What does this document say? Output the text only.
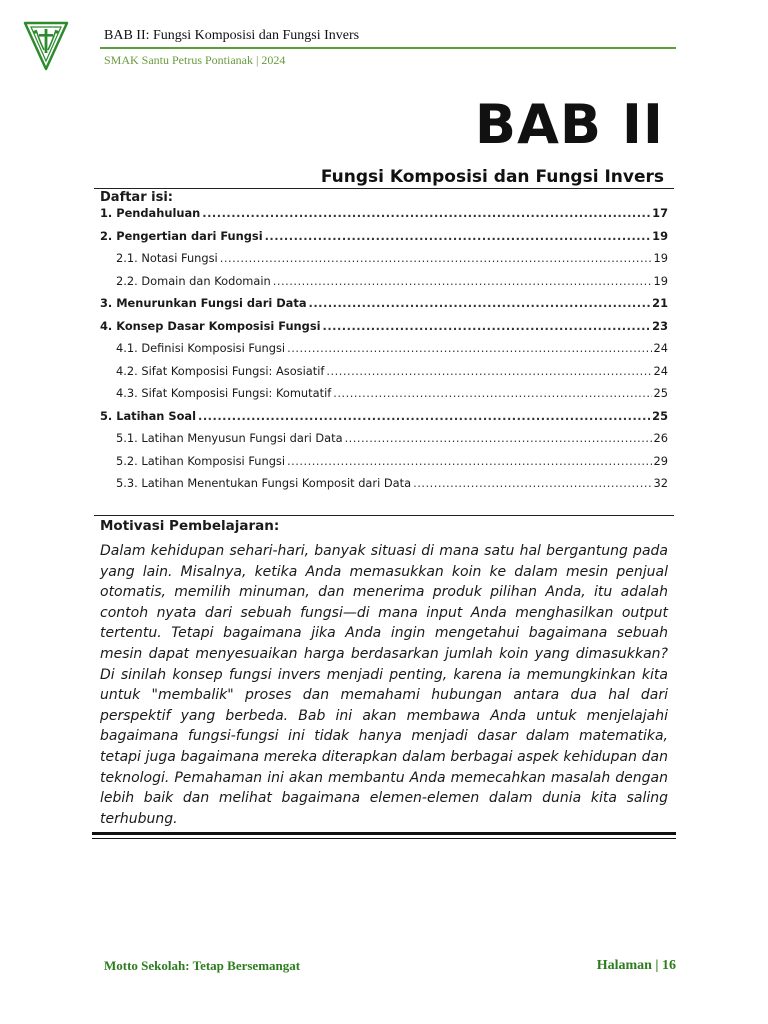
BAB II: Fungsi Komposisi dan Fungsi Invers
SMAK Santu Petrus Pontianak | 2024
BAB II
Fungsi Komposisi dan Fungsi Invers
Daftar isi:
1. Pendahuluan .....	17
2. Pengertian dari Fungsi .....	19
2.1. Notasi Fungsi .....	19
2.2. Domain dan Kodomain .....	19
3. Menurunkan Fungsi dari Data .....	21
4. Konsep Dasar Komposisi Fungsi .....	23
4.1. Definisi Komposisi Fungsi .....	24
4.2. Sifat Komposisi Fungsi: Asosiatif .....	24
4.3. Sifat Komposisi Fungsi: Komutatif .....	25
5. Latihan Soal .....	25
5.1. Latihan Menyusun Fungsi dari Data .....	26
5.2. Latihan Komposisi Fungsi .....	29
5.3. Latihan Menentukan Fungsi Komposit dari Data .....	32
Motivasi Pembelajaran:

Dalam kehidupan sehari-hari, banyak situasi di mana satu hal bergantung pada yang lain. Misalnya, ketika Anda memasukkan koin ke dalam mesin penjual otomatis, memilih minuman, dan menerima produk pilihan Anda, itu adalah contoh nyata dari sebuah fungsi—di mana input Anda menghasilkan output tertentu. Tetapi bagaimana jika Anda ingin mengetahui bagaimana sebuah mesin dapat menyesuaikan harga berdasarkan jumlah koin yang dimasukkan? Di sinilah konsep fungsi invers menjadi penting, karena ia memungkinkan kita untuk "membalik" proses dan memahami hubungan antara dua hal dari perspektif yang berbeda. Bab ini akan membawa Anda untuk menjelajahi bagaimana fungsi-fungsi ini tidak hanya menjadi dasar dalam matematika, tetapi juga bagaimana mereka diterapkan dalam berbagai aspek kehidupan dan teknologi. Pemahaman ini akan membantu Anda memecahkan masalah dengan lebih baik dan melihat bagaimana elemen-elemen dalam dunia kita saling terhubung.

Motto Sekolah: Tetap Bersemangat	Halaman | 16
